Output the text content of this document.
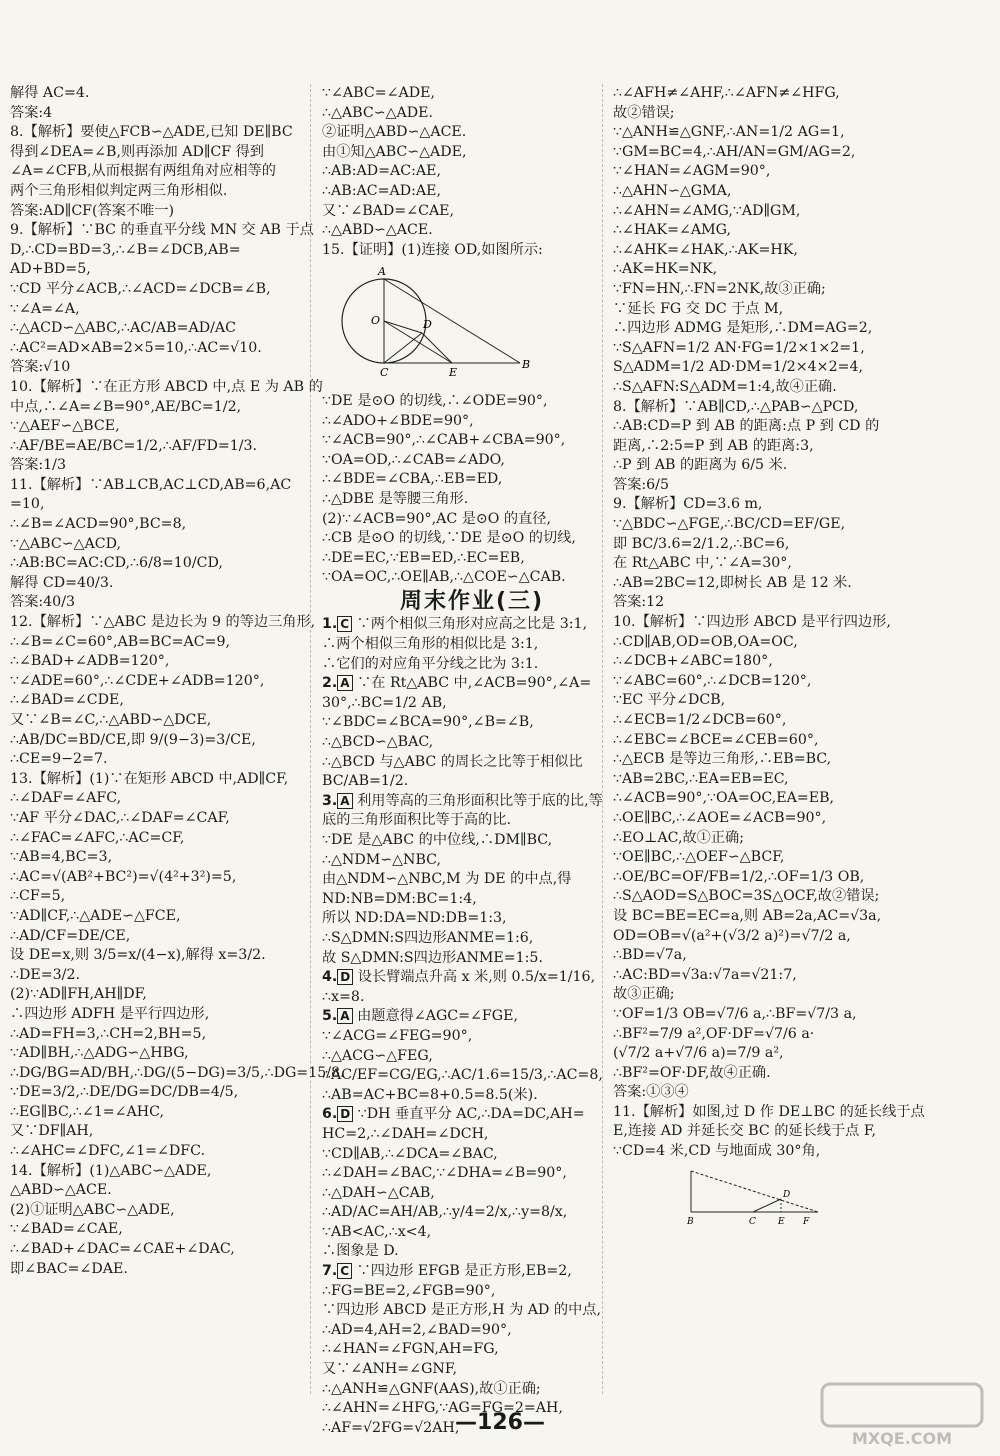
解得 AC=4.
答案:4
8.【解析】要使△FCB∽△ADE,已知 DE∥BC
得到∠DEA=∠B,则再添加 AD∥CF 得到
∠A=∠CFB,从而根据有两组角对应相等的
两个三角形相似判定两三角形相似.
答案:AD∥CF(答案不唯一)
9.【解析】∵BC 的垂直平分线 MN 交 AB 于点
D,∴CD=BD=3,∴∠B=∠DCB,AB=
AD+BD=5,
∵CD 平分∠ACB,∴∠ACD=∠DCB=∠B,
∵∠A=∠A,
∴△ACD∽△ABC,∴AC/AB=AD/AC
∴AC²=AD×AB=2×5=10,∴AC=√10.
答案:√10
10.【解析】∵在正方形 ABCD 中,点 E 为 AB 的
中点,∴∠A=∠B=90°,AE/BC=1/2,
∵△AEF∽△BCE,
∴AF/BE=AE/BC=1/2,∴AF/FD=1/3.
答案:1/3
11.【解析】∵AB⊥CB,AC⊥CD,AB=6,AC
=10,
∴∠B=∠ACD=90°,BC=8,
∵△ABC∽△ACD,
∴AB:BC=AC:CD,∴6/8=10/CD,
解得 CD=40/3.
答案:40/3
12.【解析】∵△ABC 是边长为 9 的等边三角形,
∴∠B=∠C=60°,AB=BC=AC=9,
∴∠BAD+∠ADB=120°,
∵∠ADE=60°,∴∠CDE+∠ADB=120°,
∴∠BAD=∠CDE,
又∵∠B=∠C,∴△ABD∽△DCE,
∴AB/DC=BD/CE,即 9/(9−3)=3/CE,
∴CE=9−2=7.
13.【解析】(1)∵在矩形 ABCD 中,AD∥CF,
∴∠DAF=∠AFC,
∵AF 平分∠DAC,∴∠DAF=∠CAF,
∴∠FAC=∠AFC,∴AC=CF,
∵AB=4,BC=3,
∴AC=√(AB²+BC²)=√(4²+3²)=5,
∴CF=5,
∵AD∥CF,∴△ADE∽△FCE,
∴AD/CF=DE/CE,
设 DE=x,则 3/5=x/(4−x),解得 x=3/2.
∴DE=3/2.
(2)∵AD∥FH,AH∥DF,
∴四边形 ADFH 是平行四边形,
∴AD=FH=3,∴CH=2,BH=5,
∵AD∥BH,∴△ADG∽△HBG,
∴DG/BG=AD/BH,∴DG/(5−DG)=3/5,∴DG=15/8.
∵DE=3/2,∴DE/DG=DC/DB=4/5,
∴EG∥BC,∴∠1=∠AHC,
又∵DF∥AH,
∴∠AHC=∠DFC,∠1=∠DFC.
14.【解析】(1)△ABC∽△ADE,
△ABD∽△ACE.
(2)①证明△ABC∽△ADE,
∵∠BAD=∠CAE,
∴∠BAD+∠DAC=∠CAE+∠DAC,
即∠BAC=∠DAE.
∵∠ABC=∠ADE,
∴△ABC∽△ADE.
②证明△ABD∽△ACE.
由①知△ABC∽△ADE,
∴AB:AD=AC:AE,
∴AB:AC=AD:AE,
又∵∠BAD=∠CAE,
∴△ABD∽△ACE.
15.【证明】(1)连接 OD,如图所示:
A
O	D
C	E
B
∵DE 是⊙O 的切线,∴∠ODE=90°,
∴∠ADO+∠BDE=90°,
∵∠ACB=90°,∴∠CAB+∠CBA=90°,
∵OA=OD,∴∠CAB=∠ADO,
∴∠BDE=∠CBA,∴EB=ED,
∴△DBE 是等腰三角形.
(2)∵∠ACB=90°,AC 是⊙O 的直径,
∴CB 是⊙O 的切线,∵DE 是⊙O 的切线,
∴DE=EC,∵EB=ED,∴EC=EB,
∵OA=OC,∴OE∥AB,∴△COE∽△CAB.
周末作业(三)
1. C ∵两个相似三角形对应高之比是 3:1,
∴两个相似三角形的相似比是 3:1,
∴它们的对应角平分线之比为 3:1.
2. A ∵在 Rt△ABC 中,∠ACB=90°,∠A=
30°,∴BC=1/2 AB,
∵∠BDC=∠BCA=90°,∠B=∠B,
∴△BCD∽△BAC,
∴△BCD 与△ABC 的周长之比等于相似比
BC/AB=1/2.
3. A 利用等高的三角形面积比等于底的比,等
底的三角形面积比等于高的比.
∵DE 是△ABC 的中位线,∴DM∥BC,
∴△NDM∽△NBC,
由△NDM∽△NBC,M 为 DE 的中点,得
ND:NB=DM:BC=1:4,
所以 ND:DA=ND:DB=1:3,
∴S△DMN:S四边形ANME=1:6,
故 S△DMN:S四边形ANME=1:5.
4. D 设长臂端点升高 x 米,则 0.5/x=1/16,
∴x=8.
5. A 由题意得∠AGC=∠FGE,
∵∠ACG=∠FEG=90°,
∴△ACG∽△FEG,
∴AC/EF=CG/EG,∴AC/1.6=15/3,∴AC=8,
∴AB=AC+BC=8+0.5=8.5(米).
6. D ∵DH 垂直平分 AC,∴DA=DC,AH=
HC=2,∴∠DAH=∠DCH,
∵CD∥AB,∴∠DCA=∠BAC,
∴∠DAH=∠BAC,∵∠DHA=∠B=90°,
∴△DAH∽△CAB,
∴AD/AC=AH/AB,∴y/4=2/x,∴y=8/x,
∵AB<AC,∴x<4,
∴图象是 D.
7. C ∵四边形 EFGB 是正方形,EB=2,
∴FG=BE=2,∠FGB=90°,
∵四边形 ABCD 是正方形,H 为 AD 的中点,
∴AD=4,AH=2,∠BAD=90°,
∴∠HAN=∠FGN,AH=FG,
又∵∠ANH=∠GNF,
∴△ANH≌△GNF(AAS),故①正确;
∴∠AHN=∠HFG,∵AG=FG=2=AH,
∴AF=√2FG=√2AH,
∴∠AFH≠∠AHF,∴∠AFN≠∠HFG,
故②错误;
∵△ANH≌△GNF,∴AN=1/2 AG=1,
∵GM=BC=4,∴AH/AN=GM/AG=2,
∵∠HAN=∠AGM=90°,
∴△AHN∽△GMA,
∴∠AHN=∠AMG,∵AD∥GM,
∴∠HAK=∠AMG,
∴∠AHK=∠HAK,∴AK=HK,
∴AK=HK=NK,
∵FN=HN,∴FN=2NK,故③正确;
∵延长 FG 交 DC 于点 M,
∴四边形 ADMG 是矩形,∴DM=AG=2,
∵S△AFN=1/2 AN·FG=1/2×1×2=1,
S△ADM=1/2 AD·DM=1/2×4×2=4,
∴S△AFN:S△ADM=1:4,故④正确.
8.【解析】∵AB∥CD,∴△PAB∽△PCD,
∴AB:CD=P 到 AB 的距离:点 P 到 CD 的
距离,∴2:5=P 到 AB 的距离:3,
∴P 到 AB 的距离为 6/5 米.
答案:6/5
9.【解析】CD=3.6 m,
∵△BDC∽△FGE,∴BC/CD=EF/GE,
即 BC/3.6=2/1.2,∴BC=6,
在 Rt△ABC 中,∵∠A=30°,
∴AB=2BC=12,即树长 AB 是 12 米.
答案:12
10.【解析】∵四边形 ABCD 是平行四边形,
∴CD∥AB,OD=OB,OA=OC,
∴∠DCB+∠ABC=180°,
∵∠ABC=60°,∴∠DCB=120°,
∵EC 平分∠DCB,
∴∠ECB=1/2∠DCB=60°,
∴∠EBC=∠BCE=∠CEB=60°,
∴△ECB 是等边三角形,∴EB=BC,
∵AB=2BC,∴EA=EB=EC,
∴∠ACB=90°,∵OA=OC,EA=EB,
∴OE∥BC,∴∠AOE=∠ACB=90°,
∴EO⊥AC,故①正确;
∵OE∥BC,∴△OEF∽△BCF,
∴OE/BC=OF/FB=1/2,∴OF=1/3 OB,
∴S△AOD=S△BOC=3S△OCF,故②错误;
设 BC=BE=EC=a,则 AB=2a,AC=√3a,
OD=OB=√(a²+(√3/2 a)²)=√7/2 a,
∴BD=√7a,
∴AC:BD=√3a:√7a=√21:7,
故③正确;
∵OF=1/3 OB=√7/6 a,∴BF=√7/3 a,
∴BF²=7/9 a²,OF·DF=√7/6 a·
(√7/2 a+√7/6 a)=7/9 a²,
∴BF²=OF·DF,故④正确.
答案:①③④
11.【解析】如图,过 D 作 DE⊥BC 的延长线于点
E,连接 AD 并延长交 BC 的延长线于点 F,
∵CD=4 米,CD 与地面成 30°角,
B	C E F
D
—126—
MXQE.COM
